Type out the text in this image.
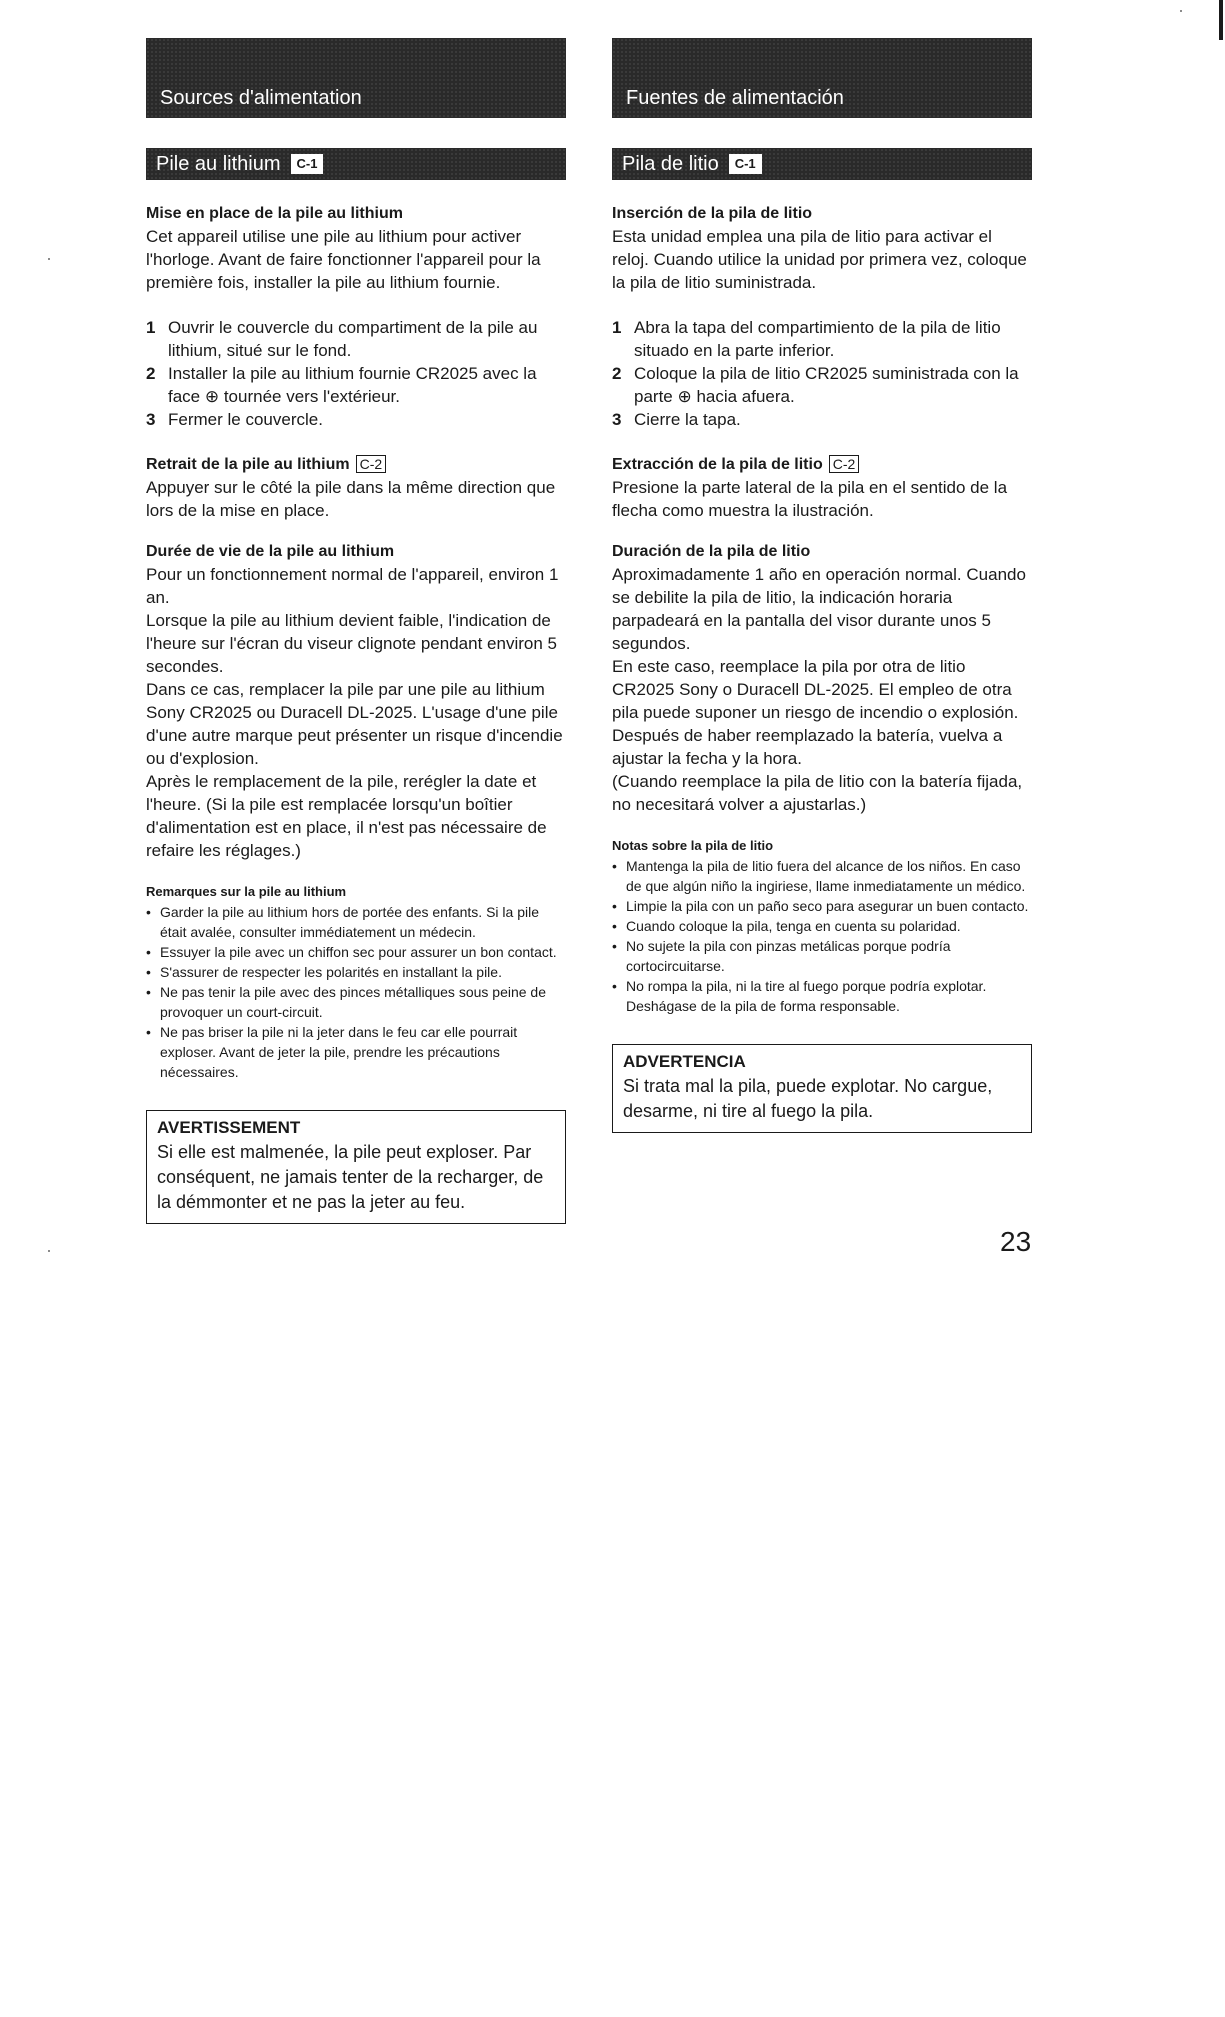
Sources d'alimentation
Pile au lithium	C-1
Mise en place de la pile au lithium

Cet appareil utilise une pile au lithium pour activer l'horloge. Avant de faire fonctionner l'appareil pour la première fois, installer la pile au lithium fournie.

1 Ouvrir le couvercle du compartiment de la pile au lithium, situé sur le fond.
2 Installer la pile au lithium fournie CR2025 avec la face ⊕ tournée vers l'extérieur.
3 Fermer le couvercle.
Retrait de la pile au lithium C-2

Appuyer sur le côté la pile dans la même direction que lors de la mise en place.

Durée de vie de la pile au lithium

Pour un fonctionnement normal de l'appareil, environ 1 an.

Lorsque la pile au lithium devient faible, l'indication de l'heure sur l'écran du viseur clignote pendant environ 5 secondes.

Dans ce cas, remplacer la pile par une pile au lithium Sony CR2025 ou Duracell DL-2025. L'usage d'une pile d'une autre marque peut présenter un risque d'incendie ou d'explosion.

Après le remplacement de la pile, rerégler la date et l'heure. (Si la pile est remplacée lorsqu'un boîtier d'alimentation est en place, il n'est pas nécessaire de refaire les réglages.)

Remarques sur la pile au lithium
• Garder la pile au lithium hors de portée des enfants. Si la pile était avalée, consulter immédiatement un médecin.
• Essuyer la pile avec un chiffon sec pour assurer un bon contact.
• S'assurer de respecter les polarités en installant la pile.
• Ne pas tenir la pile avec des pinces métalliques sous peine de provoquer un court-circuit.
• Ne pas briser la pile ni la jeter dans le feu car elle pourrait exploser. Avant de jeter la pile, prendre les précautions nécessaires.
AVERTISSEMENT
Si elle est malmenée, la pile peut exploser. Par conséquent, ne jamais tenter de la recharger, de la démmonter et ne pas la jeter au feu.
Fuentes de alimentación
Pila de litio	C-1
Inserción de la pila de litio

Esta unidad emplea una pila de litio para activar el reloj. Cuando utilice la unidad por primera vez, coloque la pila de litio suministrada.

1 Abra la tapa del compartimiento de la pila de litio situado en la parte inferior.
2 Coloque la pila de litio CR2025 suministrada con la parte ⊕ hacia afuera.
3 Cierre la tapa.
Extracción de la pila de litio C-2

Presione la parte lateral de la pila en el sentido de la flecha como muestra la ilustración.

Duración de la pila de litio

Aproximadamente 1 año en operación normal. Cuando se debilite la pila de litio, la indicación horaria parpadeará en la pantalla del visor durante unos 5 segundos.

En este caso, reemplace la pila por otra de litio CR2025 Sony o Duracell DL-2025. El empleo de otra pila puede suponer un riesgo de incendio o explosión.

Después de haber reemplazado la batería, vuelva a ajustar la fecha y la hora.

(Cuando reemplace la pila de litio con la batería fijada, no necesitará volver a ajustarlas.)

Notas sobre la pila de litio
• Mantenga la pila de litio fuera del alcance de los niños. En caso de que algún niño la ingiriese, llame inmediatamente un médico.
• Limpie la pila con un paño seco para asegurar un buen contacto.
• Cuando coloque la pila, tenga en cuenta su polaridad.
• No sujete la pila con pinzas metálicas porque podría cortocircuitarse.
• No rompa la pila, ni la tire al fuego porque podría explotar. Deshágase de la pila de forma responsable.
ADVERTENCIA
Si trata mal la pila, puede explotar. No cargue, desarme, ni tire al fuego la pila.
23
